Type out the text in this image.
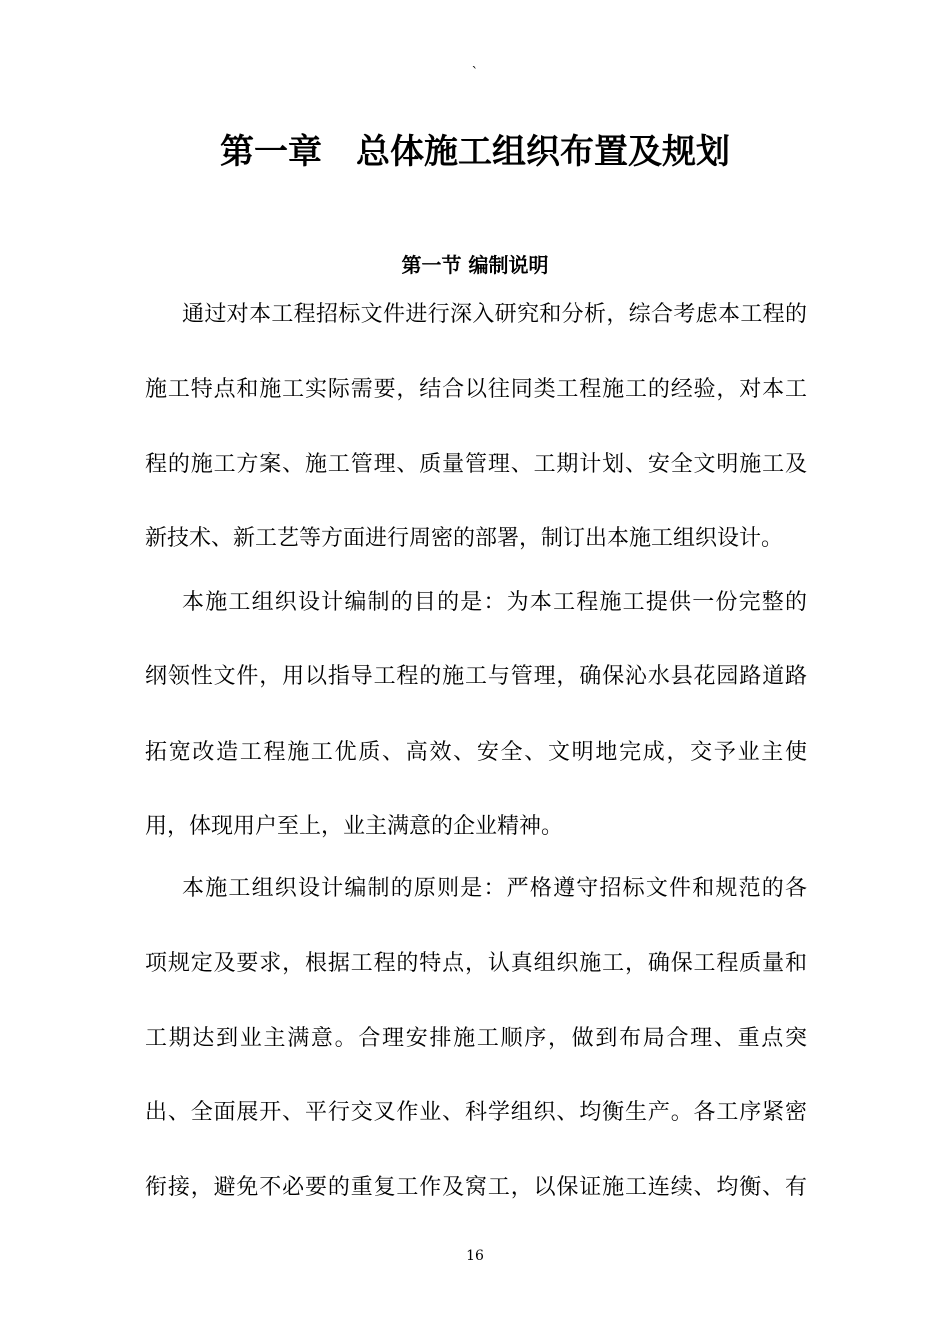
`
第一章　总体施工组织布置及规划
第一节 编制说明
通过对本工程招标文件进行深入研究和分析，综合考虑本工程的
施工特点和施工实际需要，结合以往同类工程施工的经验，对本工
程的施工方案、施工管理、质量管理、工期计划、安全文明施工及
新技术、新工艺等方面进行周密的部署，制订出本施工组织设计。
本施工组织设计编制的目的是：为本工程施工提供一份完整的
纲领性文件，用以指导工程的施工与管理，确保沁水县花园路道路
拓宽改造工程施工优质、高效、安全、文明地完成，交予业主使
用，体现用户至上，业主满意的企业精神。
本施工组织设计编制的原则是：严格遵守招标文件和规范的各
项规定及要求，根据工程的特点，认真组织施工，确保工程质量和
工期达到业主满意。合理安排施工顺序，做到布局合理、重点突
出、全面展开、平行交叉作业、科学组织、均衡生产。各工序紧密
衔接，避免不必要的重复工作及窝工，以保证施工连续、均衡、有
16
